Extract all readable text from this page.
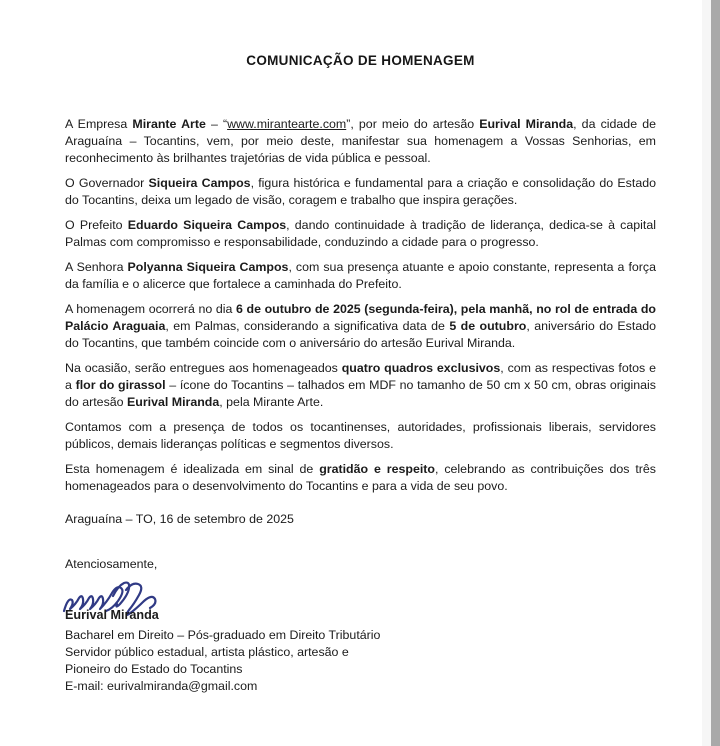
COMUNICAÇÃO DE HOMENAGEM

A Empresa Mirante Arte – “www.mirantearte.com”, por meio do artesão Eurival Miranda, da cidade de Araguaína – Tocantins, vem, por meio deste, manifestar sua homenagem a Vossas Senhorias, em reconhecimento às brilhantes trajetórias de vida pública e pessoal.

O Governador Siqueira Campos, figura histórica e fundamental para a criação e consolidação do Estado do Tocantins, deixa um legado de visão, coragem e trabalho que inspira gerações.

O Prefeito Eduardo Siqueira Campos, dando continuidade à tradição de liderança, dedica-se à capital Palmas com compromisso e responsabilidade, conduzindo a cidade para o progresso.

A Senhora Polyanna Siqueira Campos, com sua presença atuante e apoio constante, representa a força da família e o alicerce que fortalece a caminhada do Prefeito.

A homenagem ocorrerá no dia 6 de outubro de 2025 (segunda-feira), pela manhã, no rol de entrada do Palácio Araguaia, em Palmas, considerando a significativa data de 5 de outubro, aniversário do Estado do Tocantins, que também coincide com o aniversário do artesão Eurival Miranda.

Na ocasião, serão entregues aos homenageados quatro quadros exclusivos, com as respectivas fotos e a flor do girassol – ícone do Tocantins – talhados em MDF no tamanho de 50 cm x 50 cm, obras originais do artesão Eurival Miranda, pela Mirante Arte.

Contamos com a presença de todos os tocantinenses, autoridades, profissionais liberais, servidores públicos, demais lideranças políticas e segmentos diversos.

Esta homenagem é idealizada em sinal de gratidão e respeito, celebrando as contribuições dos três homenageados para o desenvolvimento do Tocantins e para a vida de seu povo.

Araguaína – TO, 16 de setembro de 2025
Atenciosamente,
Eurival Miranda
Bacharel em Direito – Pós-graduado em Direito Tributário
Servidor público estadual, artista plástico, artesão e
Pioneiro do Estado do Tocantins
E-mail: eurivalmiranda@gmail.com
